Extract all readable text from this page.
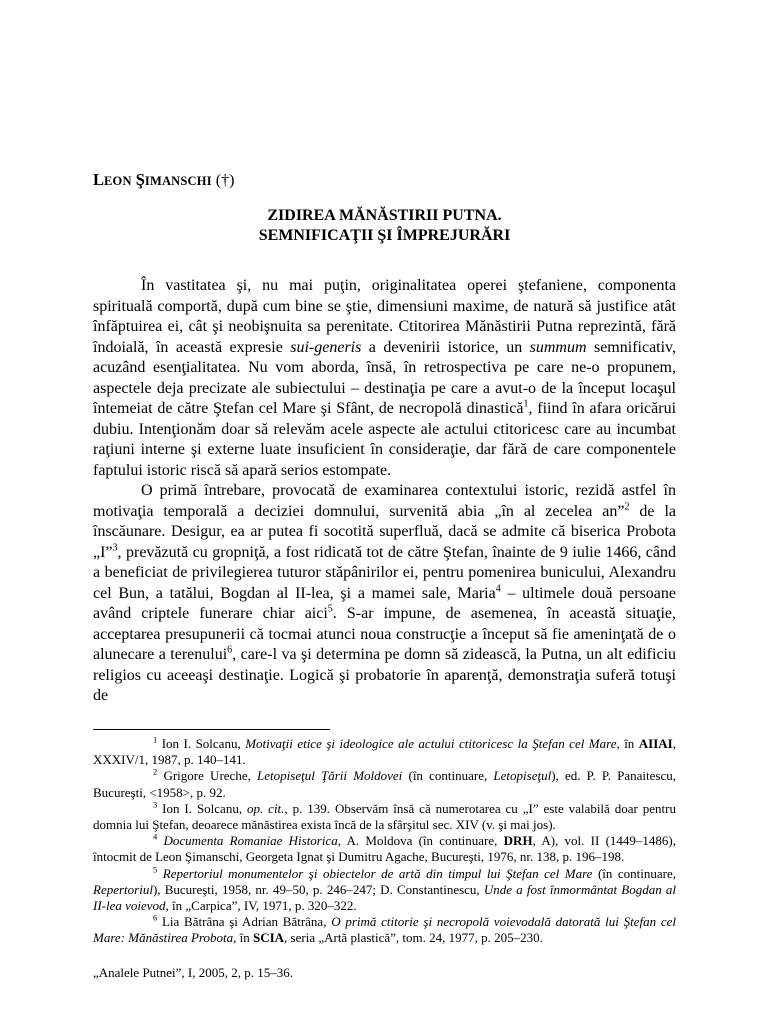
LEON ŞIMANSCHI (†)
ZIDIREA MĂNĂSTIRII PUTNA.
SEMNIFICAŢII ŞI ÎMPREJURĂRI

În vastitatea şi, nu mai puţin, originalitatea operei ştefaniene, componenta spirituală comportă, după cum bine se ştie, dimensiuni maxime, de natură să justifice atât înfăptuirea ei, cât şi neobişnuita sa perenitate. Ctitorirea Mănăstirii Putna reprezintă, fără îndoială, în această expresie sui-generis a devenirii istorice, un summum semnificativ, acuzând esenţialitatea. Nu vom aborda, însă, în retrospectiva pe care ne-o propunem, aspectele deja precizate ale subiectului – destinaţia pe care a avut-o de la început locaşul întemeiat de către Ştefan cel Mare şi Sfânt, de necropolă dinastică$^1$, fiind în afara oricărui dubiu. Intenţionăm doar să relevăm acele aspecte ale actului ctitoricesc care au incumbat raţiuni interne şi externe luate insuficient în consideraţie, dar fără de care componentele faptului istoric riscă să apară serios estompate.

O primă întrebare, provocată de examinarea contextului istoric, rezidă astfel în motivaţia temporală a deciziei domnului, survenită abia „în al zecelea an”$^2$ de la înscăunare. Desigur, ea ar putea fi socotită superfluă, dacă se admite că biserica Probota „I”$^3$, prevăzută cu gropniţă, a fost ridicată tot de către Ştefan, înainte de 9 iulie 1466, când a beneficiat de privilegierea tuturor stăpânirilor ei, pentru pomenirea bunicului, Alexandru cel Bun, a tatălui, Bogdan al II-lea, şi a mamei sale, Maria$^4$ – ultimele două persoane având criptele funerare chiar aici$^5$. S-ar impune, de asemenea, în această situaţie, acceptarea presupunerii că tocmai atunci noua construcţie a început să fie ameninţată de o alunecare a terenului$^6$, care-l va şi determina pe domn să zidească, la Putna, un alt edificiu religios cu aceeaşi destinaţie. Logică şi probatorie în aparenţă, demonstraţia suferă totuşi de

$^1$ Ion I. Solcanu, Motivaţii etice şi ideologice ale actului ctitoricesc la Ştefan cel Mare, în AIIAI, XXXIV/1, 1987, p. 140–141.

$^2$ Grigore Ureche, Letopiseţul Ţării Moldovei (în continuare, Letopiseţul), ed. P. P. Panaitescu, Bucureşti, <1958>, p. 92.

$^3$ Ion I. Solcanu, op. cit., p. 139. Observăm însă că numerotarea cu „I” este valabilă doar pentru domnia lui Ştefan, deoarece mănăstirea exista încă de la sfârşitul sec. XIV (v. şi mai jos).

$^4$ Documenta Romaniae Historica, A. Moldova (în continuare, DRH, A), vol. II (1449–1486), întocmit de Leon Şimanschi, Georgeta Ignat şi Dumitru Agache, Bucureşti, 1976, nr. 138, p. 196–198.

$^5$ Repertoriul monumentelor şi obiectelor de artă din timpul lui Ştefan cel Mare (în continuare, Repertoriul), Bucureşti, 1958, nr. 49–50, p. 246–247; D. Constantinescu, Unde a fost înmormântat Bogdan al II-lea voievod, în „Carpica”, IV, 1971, p. 320–322.

$^6$ Lia Bătrâna şi Adrian Bătrâna, O primă ctitorie şi necropolă voievodală datorată lui Ştefan cel Mare: Mănăstirea Probota, în SCIA, seria „Artă plastică”, tom. 24, 1977, p. 205–230.

„Analele Putnei”, I, 2005, 2, p. 15–36.
